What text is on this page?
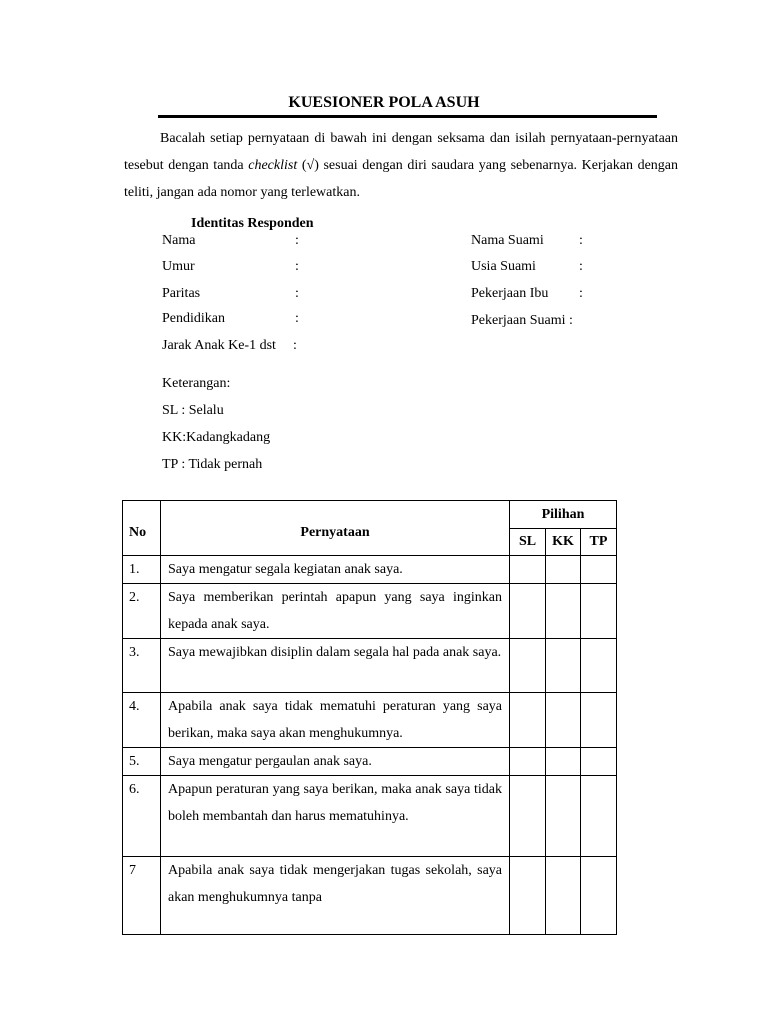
KUESIONER POLA ASUH
Bacalah setiap pernyataan di bawah ini dengan seksama dan isilah pernyataan-pernyataan tesebut dengan tanda checklist (√) sesuai dengan diri saudara yang sebenarnya. Kerjakan dengan teliti, jangan ada nomor yang terlewatkan.
Identitas Responden
Nama	:
Umur	:
Paritas	:
Pendidikan	:
Jarak Anak Ke-1 dst :
Nama Suami	:
Usia Suami	:
Pekerjaan Ibu :
Pekerjaan Suami :
Keterangan:
SL : Selalu
KK:Kadangkadang
TP : Tidak pernah
No	Pernyataan	Pilihan		
		SL	KK	TP
1.	Saya mengatur segala kegiatan anak saya.			
2.	Saya memberikan perintah apapun yang saya inginkan kepada anak saya.			
3.	Saya mewajibkan disiplin dalam segala hal pada anak saya.			
4.	Apabila anak saya tidak mematuhi peraturan yang saya berikan, maka saya akan menghukumnya.			
5.	Saya mengatur pergaulan anak saya.			
6.	Apapun peraturan yang saya berikan, maka anak saya tidak boleh membantah dan harus mematuhinya.			
7	Apabila anak saya tidak mengerjakan tugas sekolah, saya akan menghukumnya tanpa			
